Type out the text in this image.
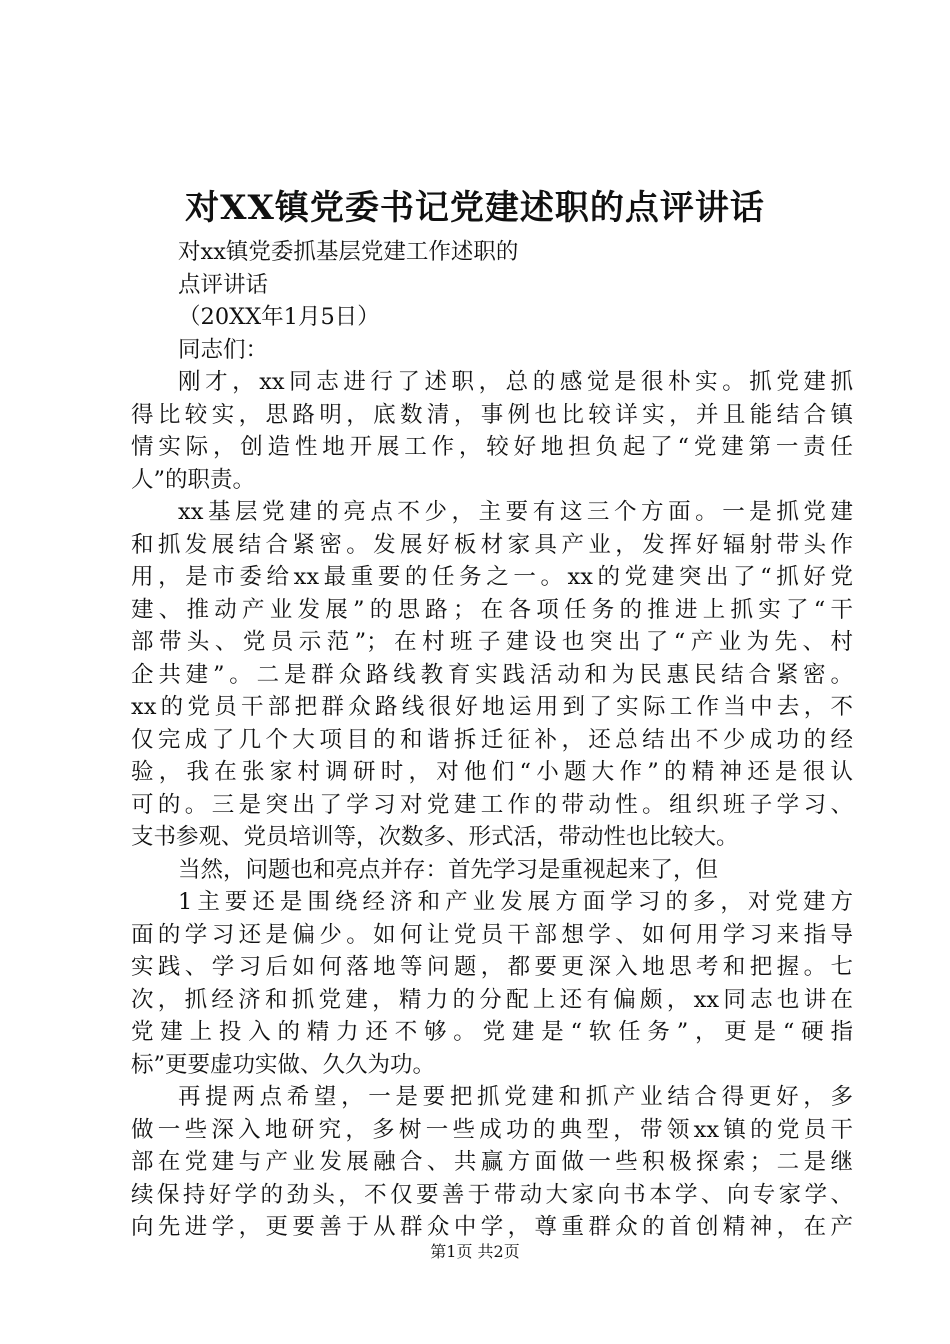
对XX镇党委书记党建述职的点评讲话
对xx镇党委抓基层党建工作述职的
点评讲话
（20XX年1月5日）
同志们：
刚才，xx同志进行了述职，总的感觉是很朴实。抓党建抓
得比较实，思路明，底数清，事例也比较详实，并且能结合镇
情实际，创造性地开展工作，较好地担负起了“党建第一责任
人”的职责。
xx基层党建的亮点不少，主要有这三个方面。一是抓党建
和抓发展结合紧密。发展好板材家具产业，发挥好辐射带头作
用，是市委给xx最重要的任务之一。xx的党建突出了“抓好党
建、推动产业发展”的思路；在各项任务的推进上抓实了“干
部带头、党员示范”；在村班子建设也突出了“产业为先、村
企共建”。二是群众路线教育实践活动和为民惠民结合紧密。
xx的党员干部把群众路线很好地运用到了实际工作当中去，不
仅完成了几个大项目的和谐拆迁征补，还总结出不少成功的经
验，我在张家村调研时，对他们“小题大作”的精神还是很认
可的。三是突出了学习对党建工作的带动性。组织班子学习、
支书参观、党员培训等，次数多、形式活，带动性也比较大。
当然，问题也和亮点并存：首先学习是重视起来了，但
1主要还是围绕经济和产业发展方面学习的多，对党建方
面的学习还是偏少。如何让党员干部想学、如何用学习来指导
实践、学习后如何落地等问题，都要更深入地思考和把握。七
次，抓经济和抓党建，精力的分配上还有偏颇，xx同志也讲在
党建上投入的精力还不够。党建是“软任务”，更是“硬指
标”更要虚功实做、久久为功。
再提两点希望，一是要把抓党建和抓产业结合得更好，多
做一些深入地研究，多树一些成功的典型，带领xx镇的党员干
部在党建与产业发展融合、共赢方面做一些积极探索；二是继
续保持好学的劲头，不仅要善于带动大家向书本学、向专家学、
向先进学，更要善于从群众中学，尊重群众的首创精神，在产
第1页 共2页
